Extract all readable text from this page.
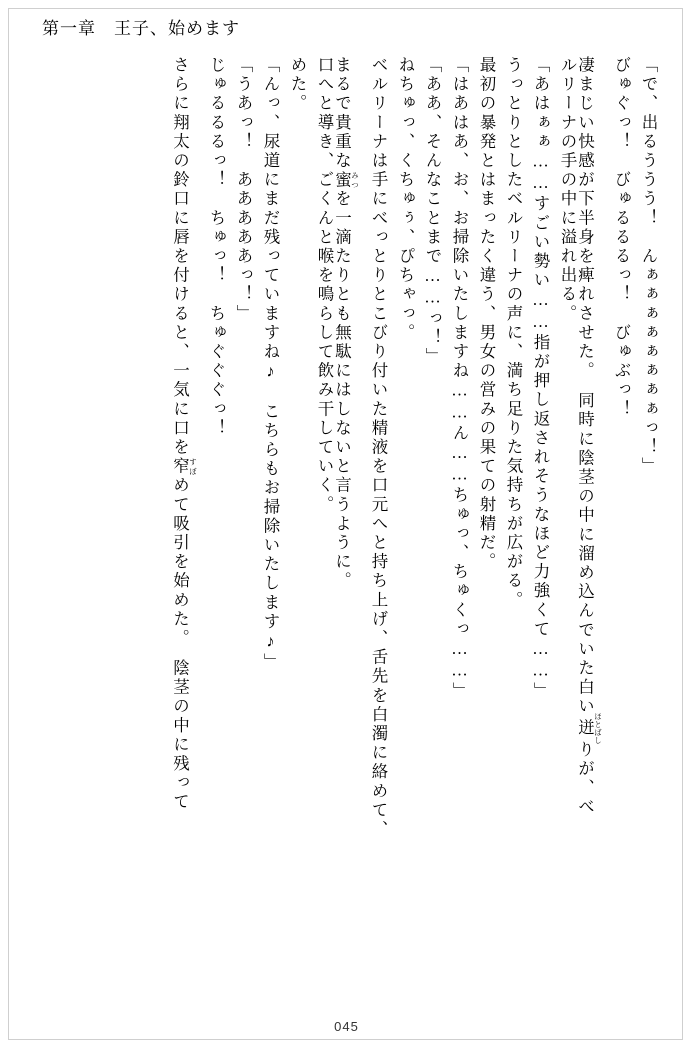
第一章　王子、始めます
「で、出るううう！　んぁぁぁぁぁぁぁぁっ！」
びゅぐっ！　びゅるるるっ！　びゅぶっ！
凄まじい快感が下半身を痺れさせた。　同時に陰茎の中に溜め込んでいた白い迸 ほとばしりが、べ
ルリーナの手の中に溢れ出る。
「あはぁぁ……すごい勢い……指が押し返されそうなほど力強くて……」
うっとりとしたベルリーナの声に、満ち足りた気持ちが広がる。
最初の暴発とはまったく違う、男女の営みの果ての射精だ。
「はあはあ、お、お掃除いたしますね……ん……ちゅっ、ちゅくっ……」
「ああ、そんなことまで……っ！」
ねちゅっ、くちゅぅ、ぴちゃっ。
ベルリーナは手にべっとりとこびり付いた精液を口元へと持ち上げ、舌先を白濁に絡めて、
まるで貴重な蜜 みつを一滴たりとも無駄にはしないと言うように。
口へと導き、ごくんと喉を鳴らして飲み干していく。
めた。
「んっ、尿道にまだ残っていますね♪　こちらもお掃除いたします♪」
「うあっ！　あああああっ！」
じゅるるるっ！　ちゅっ！　ちゅぐぐぐっ！
さらに翔太の鈴口に唇を付けると、一気に口を窄 すぼめて吸引を始めた。　陰茎の中に残って
045
